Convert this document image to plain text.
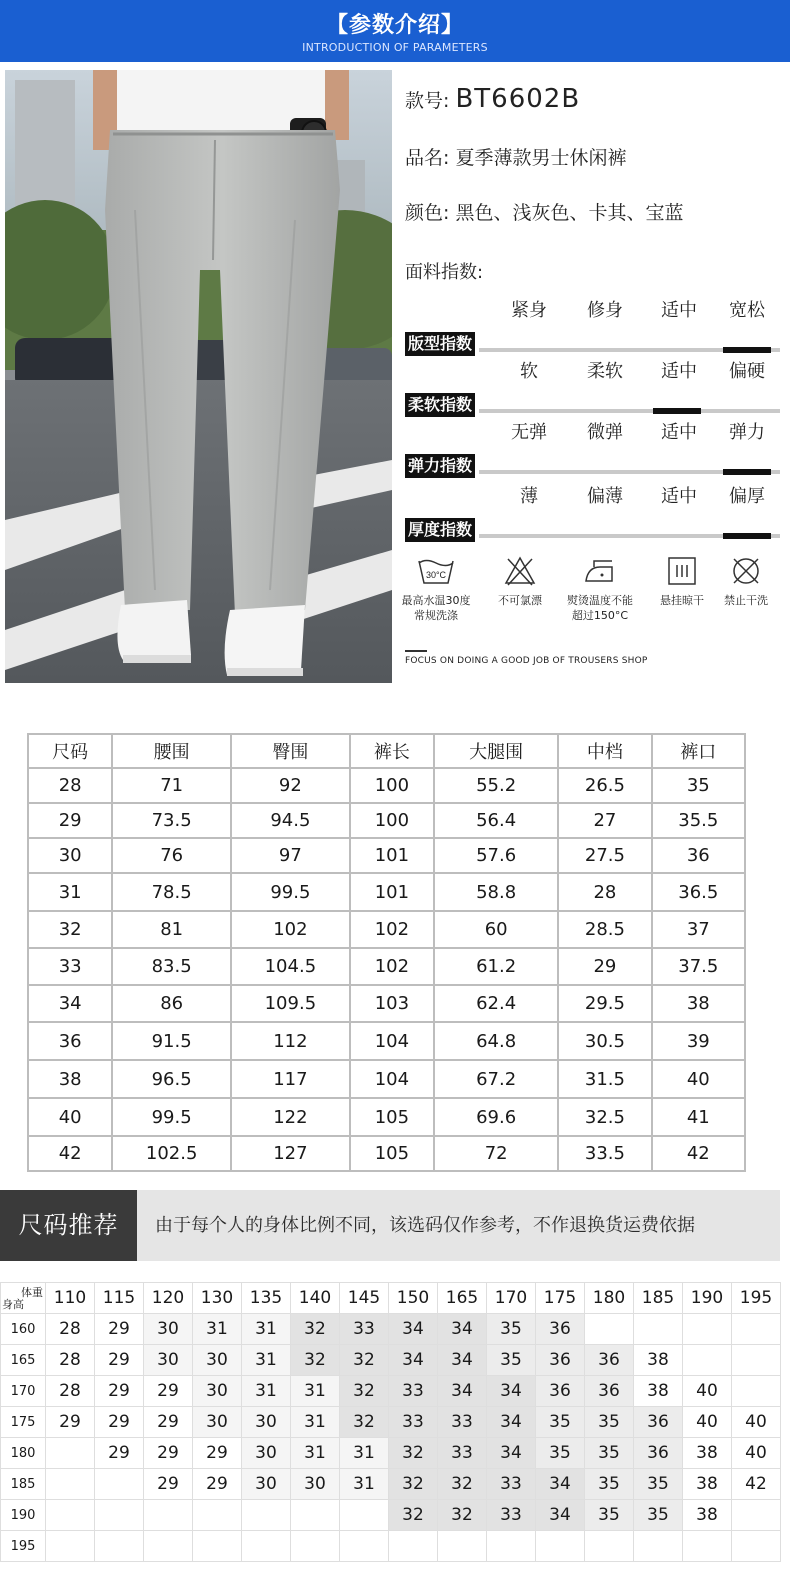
【参数介绍】
INTRODUCTION OF PARAMETERS
款号: BT6602B
品名: 夏季薄款男士休闲裤
颜色: 黑色、浅灰色、卡其、宝蓝
面料指数:
紧身	修身	适中	宽松
版型指数
软	柔软	适中	偏硬
柔软指数
无弹	微弹	适中	弹力
弹力指数
薄	偏薄	适中	偏厚
厚度指数
30°C
最高水温30度
常规洗涤
不可氯漂	熨烫温度不能
超过150°C
悬挂晾干	禁止干洗
FOCUS ON DOING A GOOD JOB OF TROUSERS SHOP
尺码	腰围	臀围	裤长	大腿围	中档	裤口
28	71	92	100	55.2	26.5	35
29	73.5	94.5	100	56.4	27	35.5
30	76	97	101	57.6	27.5	36
31	78.5	99.5	101	58.8	28	36.5
32	81	102	102	60	28.5	37
33	83.5	104.5	102	61.2	29	37.5
34	86	109.5	103	62.4	29.5	38
36	91.5	112	104	64.8	30.5	39
38	96.5	117	104	67.2	31.5	40
40	99.5	122	105	69.6	32.5	41
42	102.5	127	105	72	33.5	42
尺码推荐	由于每个人的身体比例不同，该选码仅作参考，不作退换货运费依据
体重
身高	110	115	120	130	135	140	145	150	165	170	175	180	185	190	195
160	28	29	30	31	31	32	33	34	34	35	36				
165	28	29	30	30	31	32	32	34	34	35	36	36	38		
170	28	29	29	30	31	31	32	33	34	34	36	36	38	40	
175	29	29	29	30	30	31	32	33	33	34	35	35	36	40	40
180		29	29	29	30	31	31	32	33	34	35	35	36	38	40
185			29	29	30	30	31	32	32	33	34	35	35	38	42
190								32	32	33	34	35	35	38	
195															
